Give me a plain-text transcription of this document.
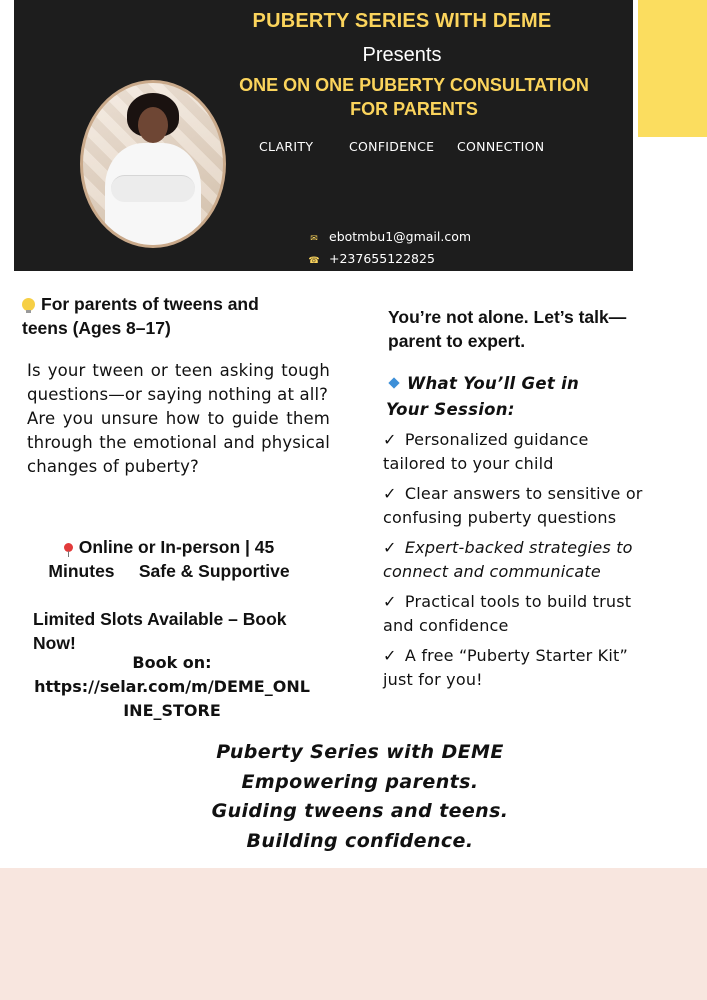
PUBERTY SERIES WITH DEME
Presents
ONE ON ONE PUBERTY CONSULTATION
FOR PARENTS
CLARITY	CONFIDENCE CONNECTION
✉ ebotmbu1@gmail.com
☎ +237655122825
For parents of tweens and
teens (Ages 8–17)

Is your tween or teen asking tough questions—or saying nothing at all?

Are you unsure how to guide them through the emotional and physical changes of puberty?

Online or In-person | 45
Minutes     Safe & Supportive
Limited Slots Available – Book
Now!
Book on:
https://selar.com/m/DEME_ONL
INE_STORE
You’re not alone. Let’s talk—
parent to expert.
What You’ll Get in
Your Session:
✓ Personalized guidance tailored to your child
✓ Clear answers to sensitive or confusing puberty questions
✓ Expert-backed strategies to connect and communicate
✓ Practical tools to build trust and confidence
✓ A free “Puberty Starter Kit” just for you!
Puberty Series with DEME
Empowering parents.
Guiding tweens and teens.
Building confidence.
